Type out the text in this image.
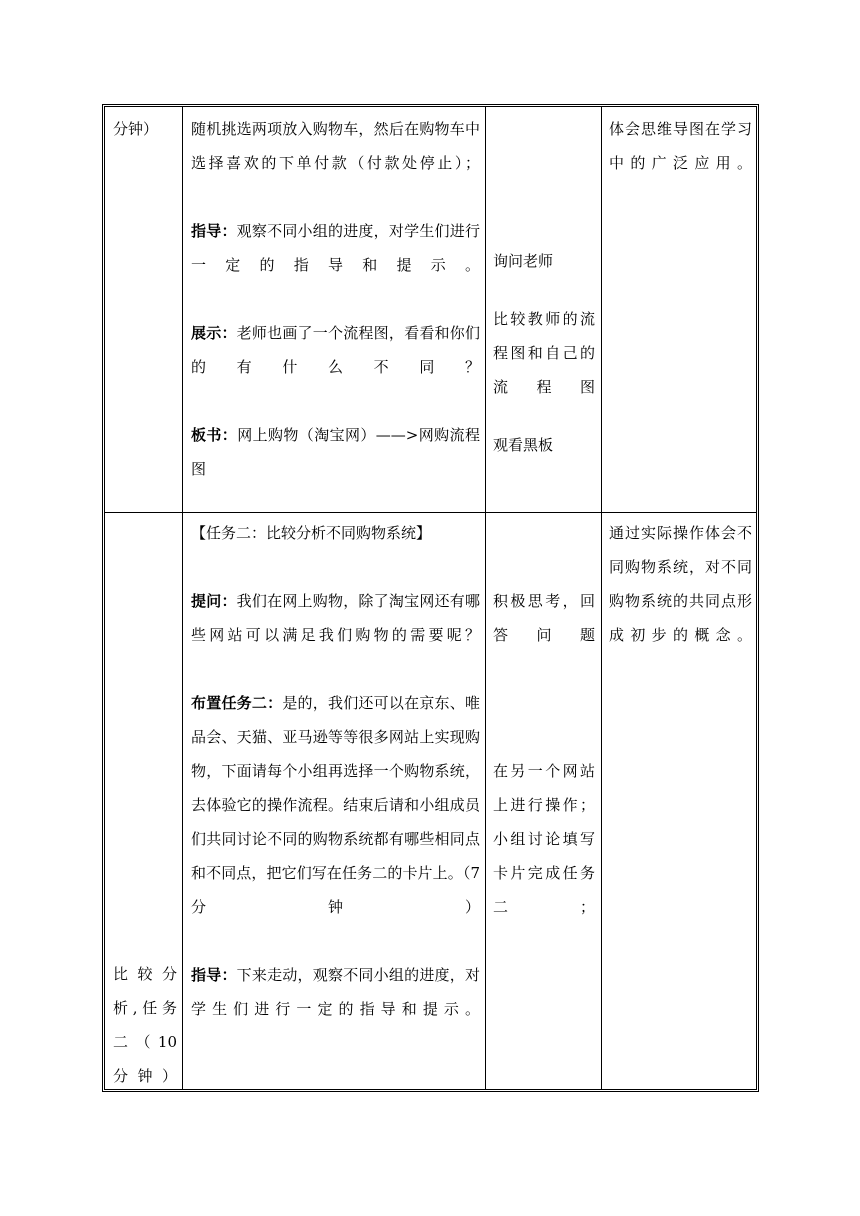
分钟）	随机挑选两项放入购物车，然后在购物车中选择喜欢的下单付款（付款处停止）；

指导：观察不同小组的进度，对学生们进行一定的指导和提示。

展示：老师也画了一个流程图，看看和你们的有什么不同？

板书：网上购物（淘宝网）——>网购流程图

询问老师

比较教师的流程图和自己的流程图

观看黑板

体会思维导图在学习中的广泛应用。

比较分析,任务二（10分钟）

【任务二：比较分析不同购物系统】

提问：我们在网上购物，除了淘宝网还有哪些网站可以满足我们购物的需要呢？

布置任务二：是的，我们还可以在京东、唯品会、天猫、亚马逊等等很多网站上实现购物，下面请每个小组再选择一个购物系统，去体验它的操作流程。结束后请和小组成员们共同讨论不同的购物系统都有哪些相同点和不同点，把它们写在任务二的卡片上。（7分钟）

指导：下来走动，观察不同小组的进度，对学生们进行一定的指导和提示。

积极思考，回答问题

在另一个网站上进行操作；

小组讨论填写卡片完成任务二；

通过实际操作体会不同购物系统，对不同购物系统的共同点形成初步的概念。
